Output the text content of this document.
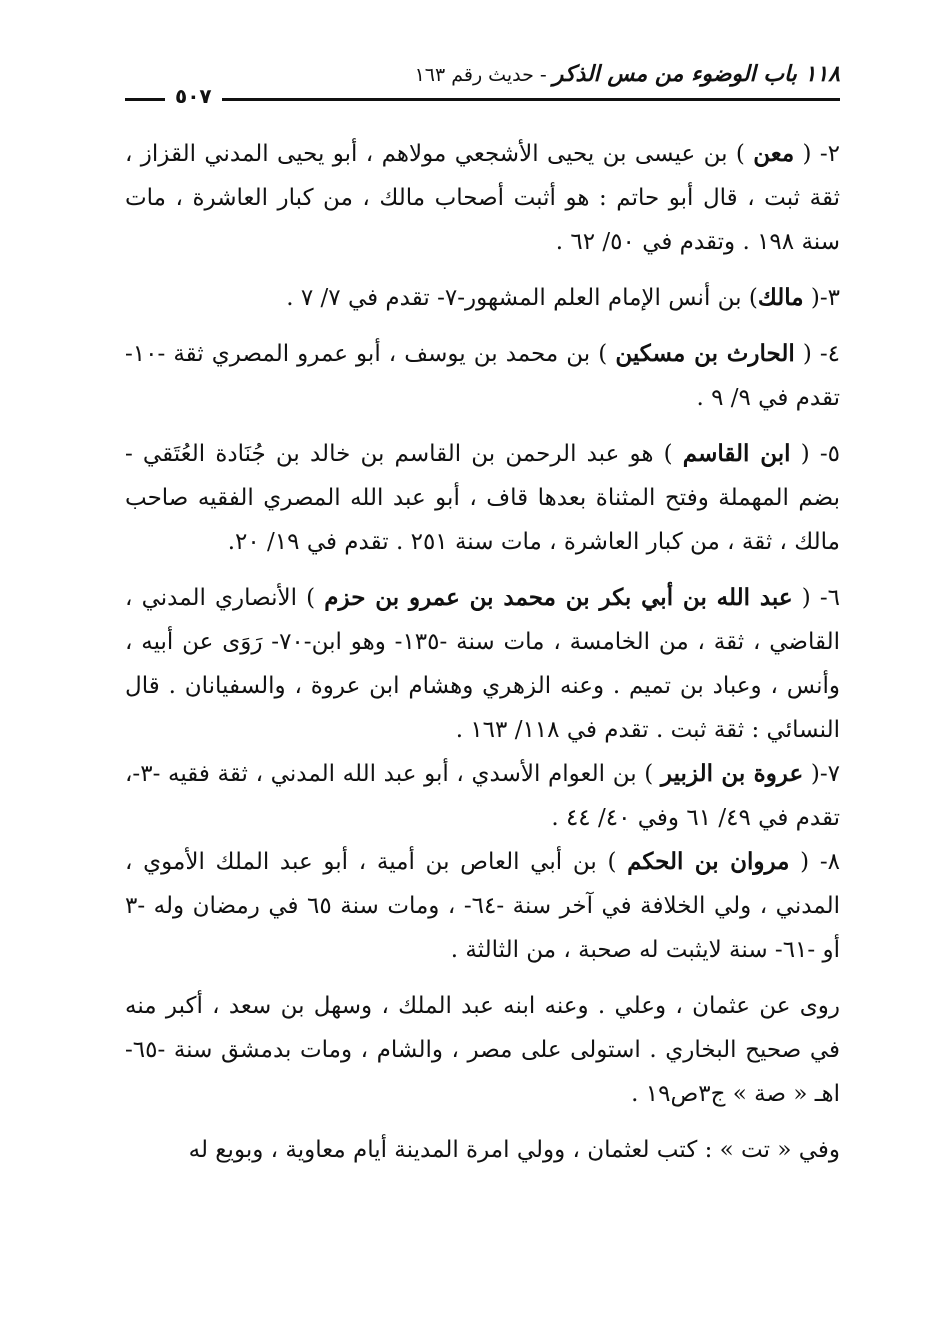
١١٨ باب الوضوء من مس الذكر - حديث رقم ١٦٣
٥٠٧

٢- ( معن ) بن عيسى بن يحيى الأشجعي مولاهم ، أبو يحيى المدني القزاز ، ثقة ثبت ، قال أبو حاتم : هو أثبت أصحاب مالك ، من كبار العاشرة ، مات سنة ١٩٨ . وتقدم في ٥٠/ ٦٢ .

٣-( مالك) بن أنس الإمام العلم المشهور-٧- تقدم في ٧/ ٧ .

٤- ( الحارث بن مسكين ) بن محمد بن يوسف ، أبو عمرو المصري ثقة -١٠- تقدم في ٩/ ٩ .

٥- ( ابن القاسم ) هو عبد الرحمن بن القاسم بن خالد بن جُنَادة العُتَقي - بضم المهملة وفتح المثناة بعدها قاف ، أبو عبد الله المصري الفقيه صاحب مالك ، ثقة ، من كبار العاشرة ، مات سنة ٢٥١ . تقدم في ١٩/ ٢٠.

٦- ( عبد الله بن أبي بكر بن محمد بن عمرو بن حزم ) الأنصاري المدني ، القاضي ، ثقة ، من الخامسة ، مات سنة -١٣٥- وهو ابن-٧٠- رَوَى عن أبيه ، وأنس ، وعباد بن تميم . وعنه الزهري وهشام ابن عروة ، والسفيانان . قال النسائي : ثقة ثبت . تقدم في ١١٨/ ١٦٣ .

٧-( عروة بن الزبير ) بن العوام الأسدي ، أبو عبد الله المدني ، ثقة فقيه -٣-، تقدم في ٤٩/ ٦١ وفي ٤٠/ ٤٤ .

٨- ( مروان بن الحكم ) بن أبي العاص بن أمية ، أبو عبد الملك الأموي ، المدني ، ولي الخلافة في آخر سنة -٦٤- ، ومات سنة ٦٥ في رمضان وله -٣ أو -٦١- سنة لايثبت له صحبة ، من الثالثة .

روى عن عثمان ، وعلي . وعنه ابنه عبد الملك ، وسهل بن سعد ، أكبر منه في صحيح البخاري . استولى على مصر ، والشام ، ومات بدمشق سنة -٦٥- اهـ « صة » ج٣ص١٩ .

وفي « تت » : كتب لعثمان ، وولي امرة المدينة أيام معاوية ، وبويع له
